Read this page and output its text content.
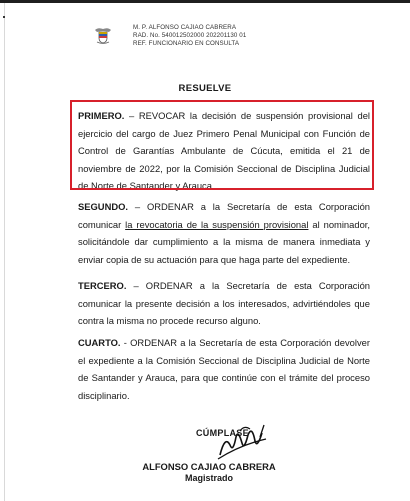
M. P. ALFONSO CAJIAO CABRERA
RAD. No. 540012502000 202201130 01
REF. FUNCIONARIO EN CONSULTA
RESUELVE
PRIMERO. – REVOCAR la decisión de suspensión provisional del ejercicio del cargo de Juez Primero Penal Municipal con Función de Control de Garantías Ambulante de Cúcuta, emitida el 21 de noviembre de 2022, por la Comisión Seccional de Disciplina Judicial de Norte de Santander y Arauca.
SEGUNDO. – ORDENAR a la Secretaría de esta Corporación comunicar la revocatoria de la suspensión provisional al nominador, solicitándole dar cumplimiento a la misma de manera inmediata y enviar copia de su actuación para que haga parte del expediente.
TERCERO. – ORDENAR a la Secretaría de esta Corporación comunicar la presente decisión a los interesados, advirtiéndoles que contra la misma no procede recurso alguno.
CUARTO. - ORDENAR a la Secretaría de esta Corporación devolver el expediente a la Comisión Seccional de Disciplina Judicial de Norte de Santander y Arauca, para que continúe con el trámite del proceso disciplinario.
CÚMPLASE
ALFONSO CAJIAO CABRERA
Magistrado
